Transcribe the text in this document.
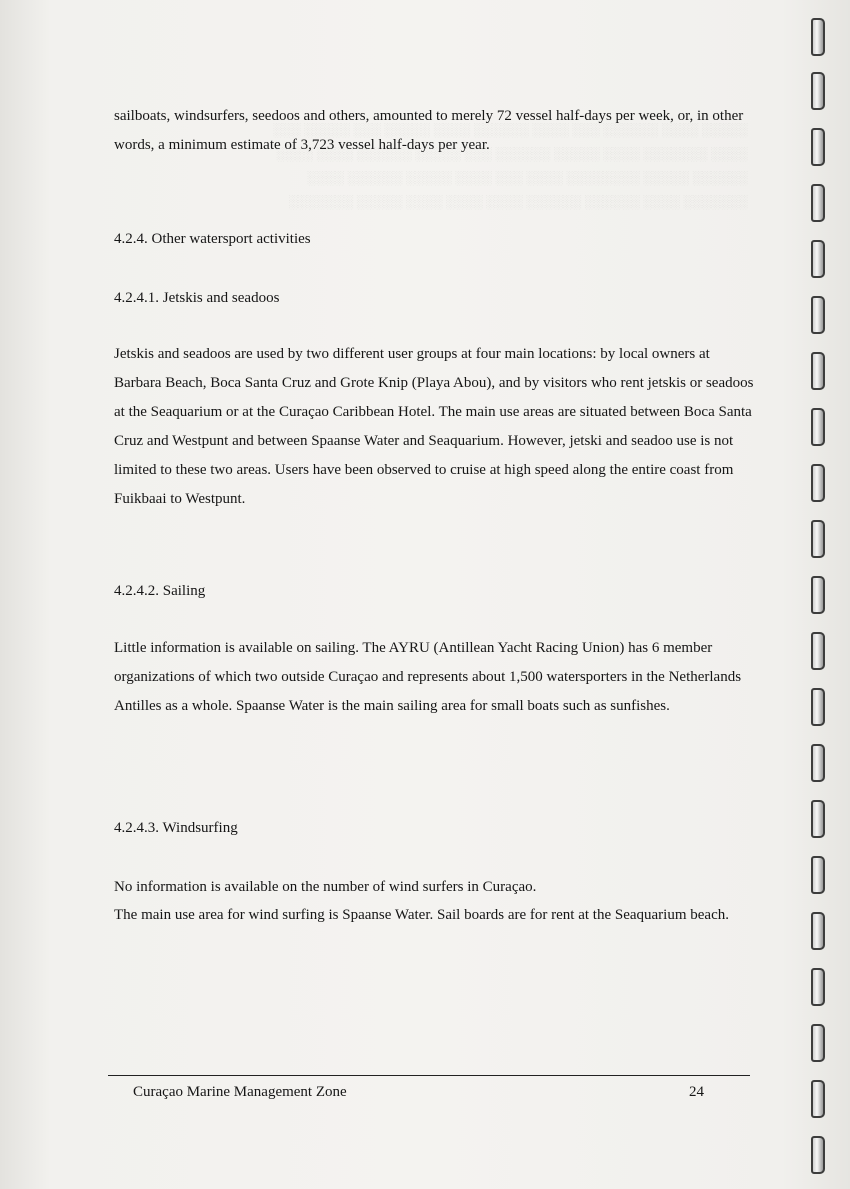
░░░░░ ░░░░ ░░░░░░ ░░░ ░░░░ ░░░░░░ ░░░░ ░░░░░ ░░░ ░░░░░ ░░░
░░░░ ░░░░░░░ ░░░░ ░░░░░ ░░░░░░ ░░░ ░░░░░ ░░░░░░ ░░░░ ░░░░
░░░░░░ ░░░░░ ░░░░░░░░ ░░░░ ░░░ ░░░░ ░░░░░ ░░░░░░ ░░░░
░░░░░░░ ░░░░ ░░░░░░ ░░░░░░ ░░░░ ░░░░ ░░░░ ░░░░░ ░░░░░░░

sailboats, windsurfers, seedoos and others, amounted to merely 72 vessel half-days per week, or, in other words, a minimum estimate of 3,723 vessel half-days per year.

4.2.4. Other watersport activities
4.2.4.1. Jetskis and seadoos

Jetskis and seadoos are used by two different user groups at four main locations: by local owners at Barbara Beach, Boca Santa Cruz and Grote Knip (Playa Abou), and by visitors who rent jetskis or seadoos at the Seaquarium or at the Curaçao Caribbean Hotel. The main use areas are situated between Boca Santa Cruz and Westpunt and between Spaanse Water and Seaquarium. However, jetski and seadoo use is not limited to these two areas. Users have been observed to cruise at high speed along the entire coast from Fuikbaai to Westpunt.

4.2.4.2. Sailing

Little information is available on sailing. The AYRU (Antillean Yacht Racing Union) has 6 member organizations of which two outside Curaçao and represents about 1,500 watersporters in the Netherlands Antilles as a whole. Spaanse Water is the main sailing area for small boats such as sunfishes.

4.2.4.3. Windsurfing

No information is available on the number of wind surfers in Curaçao.

The main use area for wind surfing is Spaanse Water. Sail boards are for rent at the Seaquarium beach.

Curaçao Marine Management Zone	24
